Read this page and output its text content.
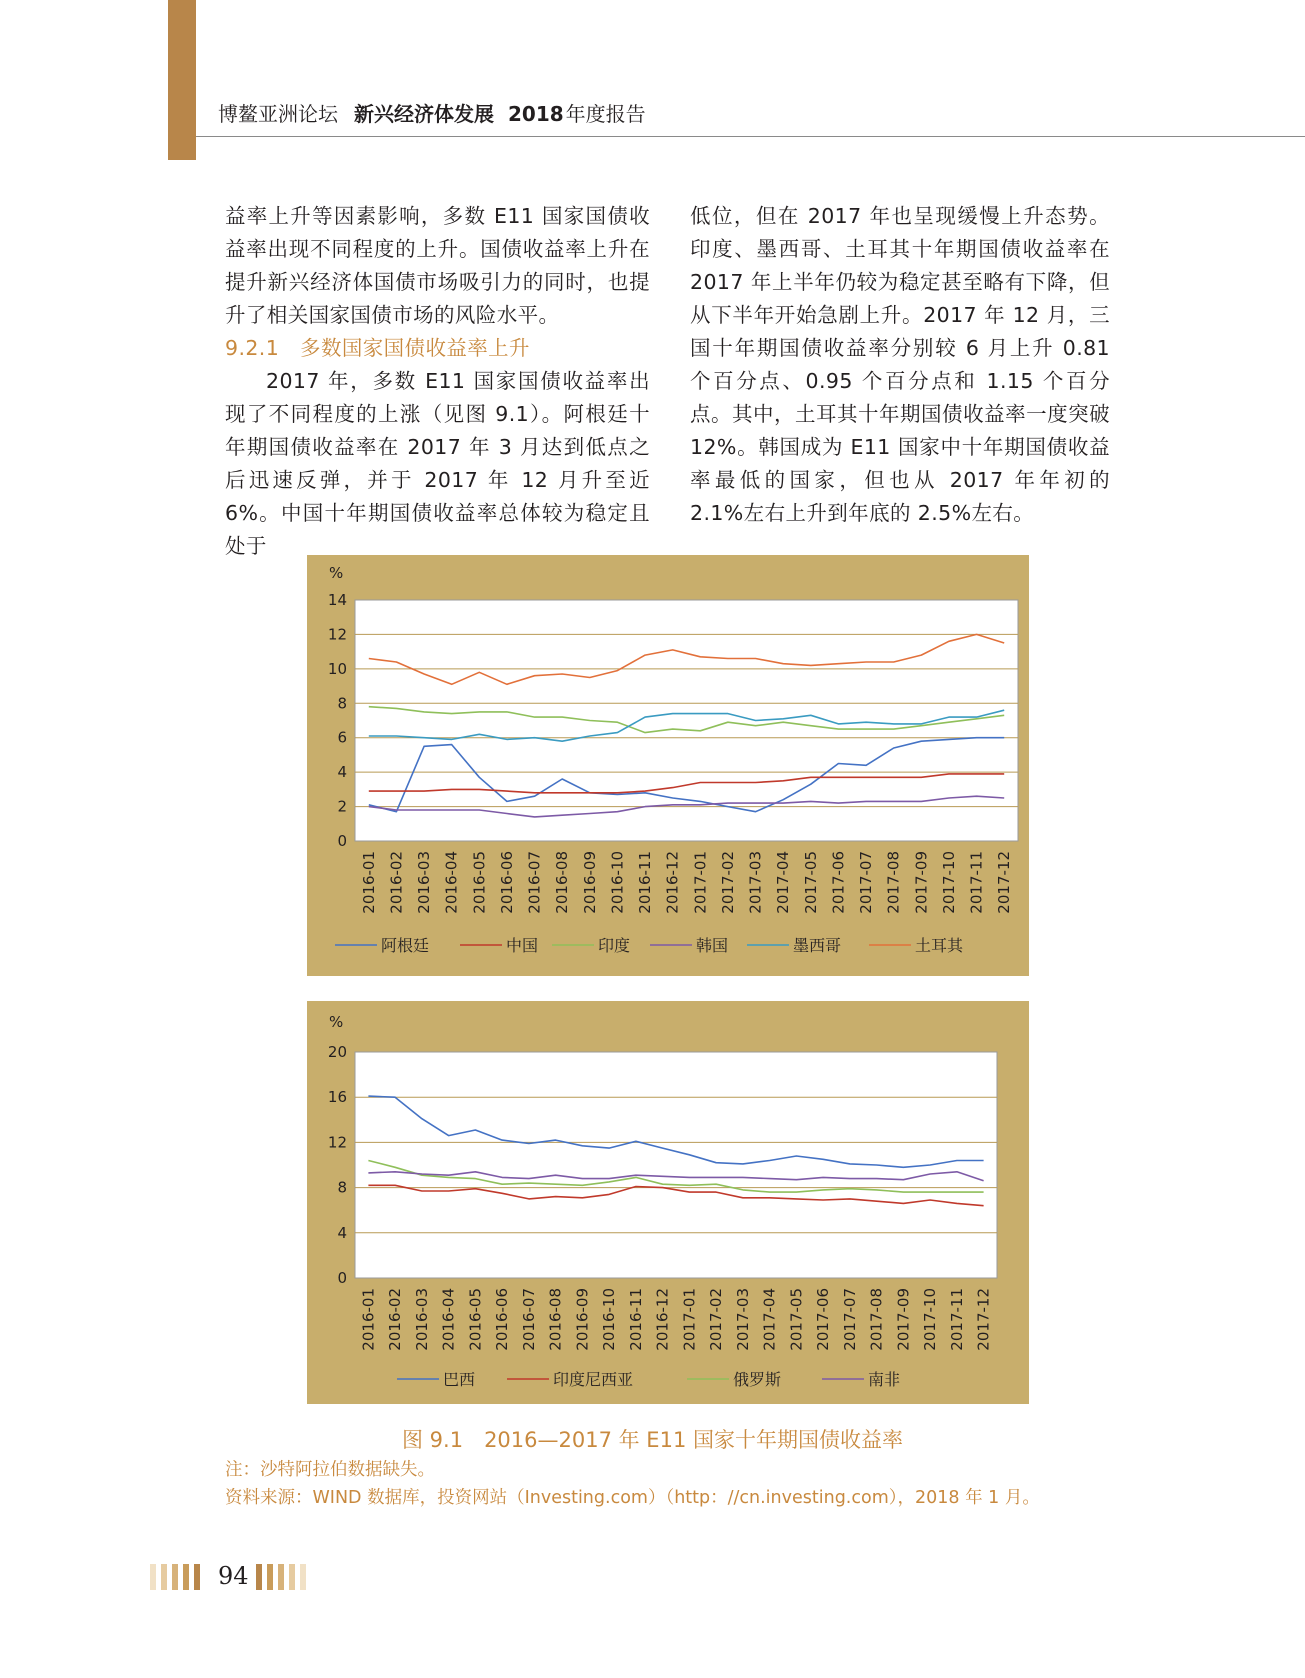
博鳌亚洲论坛 新兴经济体发展 2018 年度报告

益率上升等因素影响，多数 E11 国家国债收益率出现不同程度的上升。国债收益率上升在提升新兴经济体国债市场吸引力的同时，也提升了相关国家国债市场的风险水平。

9.2.1　多数国家国债收益率上升

2017 年，多数 E11 国家国债收益率出现了不同程度的上涨（见图 9.1）。阿根廷十年期国债收益率在 2017 年 3 月达到低点之后迅速反弹，并于 2017 年 12 月升至近 6%。中国十年期国债收益率总体较为稳定且处于

低位，但在 2017 年也呈现缓慢上升态势。印度、墨西哥、土耳其十年期国债收益率在 2017 年上半年仍较为稳定甚至略有下降，但从下半年开始急剧上升。2017 年 12 月，三国十年期国债收益率分别较 6 月上升 0.81 个百分点、0.95 个百分点和 1.15 个百分点。其中，土耳其十年期国债收益率一度突破 12%。韩国成为 E11 国家中十年期国债收益率最低的国家，但也从 2017 年年初的 2.1%左右上升到年底的 2.5%左右。

%
0
2
4
6
8
10
12
14
2016-01 2016-02 2016-03 2016-04 2016-05 2016-06 2016-07 2016-08 2016-09 2016-10 2016-11 2016-12 2017-01 2017-02 2017-03 2017-04 2017-05 2017-06 2017-07 2017-08 2017-09 2017-10 2017-11 2017-12
阿根廷	中国	印度	韩国	墨西哥	土耳其
%
0
4
8
12
16
20
2016-01 2016-02 2016-03 2016-04 2016-05 2016-06 2016-07 2016-08 2016-09 2016-10 2016-11 2016-12 2017-01 2017-02 2017-03 2017-04 2017-05 2017-06 2017-07 2017-08 2017-09 2017-10 2017-11 2017-12
巴西	印度尼西亚	俄罗斯	南非
图 9.1　2016—2017 年 E11 国家十年期国债收益率
注：沙特阿拉伯数据缺失。
资料来源：WIND 数据库，投资网站（Investing.com）（http：//cn.investing.com），2018 年 1 月。
94
